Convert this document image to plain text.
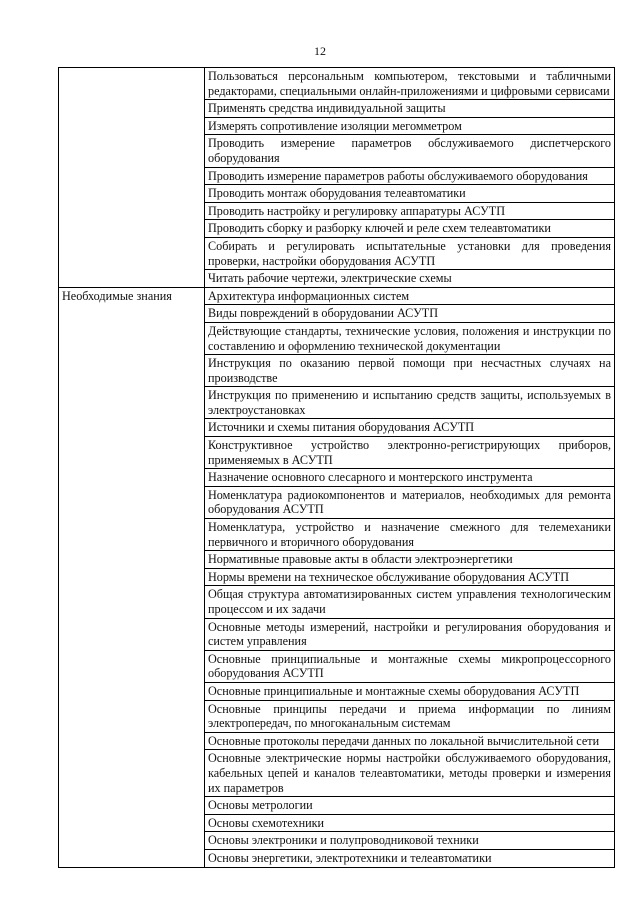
12
	Пользоваться персональным компьютером, текстовыми и табличными редакторами, специальными онлайн-приложениями и цифровыми сервисами
	Применять средства индивидуальной защиты
	Измерять сопротивление изоляции мегомметром
	Проводить измерение параметров обслуживаемого диспетчерского оборудования
	Проводить измерение параметров работы обслуживаемого оборудования
	Проводить монтаж оборудования телеавтоматики
	Проводить настройку и регулировку аппаратуры АСУТП
	Проводить сборку и разборку ключей и реле схем телеавтоматики
	Собирать и регулировать испытательные установки для проведения проверки, настройки оборудования АСУТП
	Читать рабочие чертежи, электрические схемы
Необходимые знания	Архитектура информационных систем
	Виды повреждений в оборудовании АСУТП
	Действующие стандарты, технические условия, положения и инструкции по составлению и оформлению технической документации
	Инструкция по оказанию первой помощи при несчастных случаях на производстве
	Инструкция по применению и испытанию средств защиты, используемых в электроустановках
	Источники и схемы питания оборудования АСУТП
	Конструктивное устройство электронно-регистрирующих приборов, применяемых в АСУТП
	Назначение основного слесарного и монтерского инструмента
	Номенклатура радиокомпонентов и материалов, необходимых для ремонта оборудования АСУТП
	Номенклатура, устройство и назначение смежного для телемеханики первичного и вторичного оборудования
	Нормативные правовые акты в области электроэнергетики
	Нормы времени на техническое обслуживание оборудования АСУТП
	Общая структура автоматизированных систем управления технологическим процессом и их задачи
	Основные методы измерений, настройки и регулирования оборудования и систем управления
	Основные принципиальные и монтажные схемы микропроцессорного оборудования АСУТП
	Основные принципиальные и монтажные схемы оборудования АСУТП
	Основные принципы передачи и приема информации по линиям электропередач, по многоканальным системам
	Основные протоколы передачи данных по локальной вычислительной сети
	Основные электрические нормы настройки обслуживаемого оборудования, кабельных цепей и каналов телеавтоматики, методы проверки и измерения их параметров
	Основы метрологии
	Основы схемотехники
	Основы электроники и полупроводниковой техники
	Основы энергетики, электротехники и телеавтоматики
